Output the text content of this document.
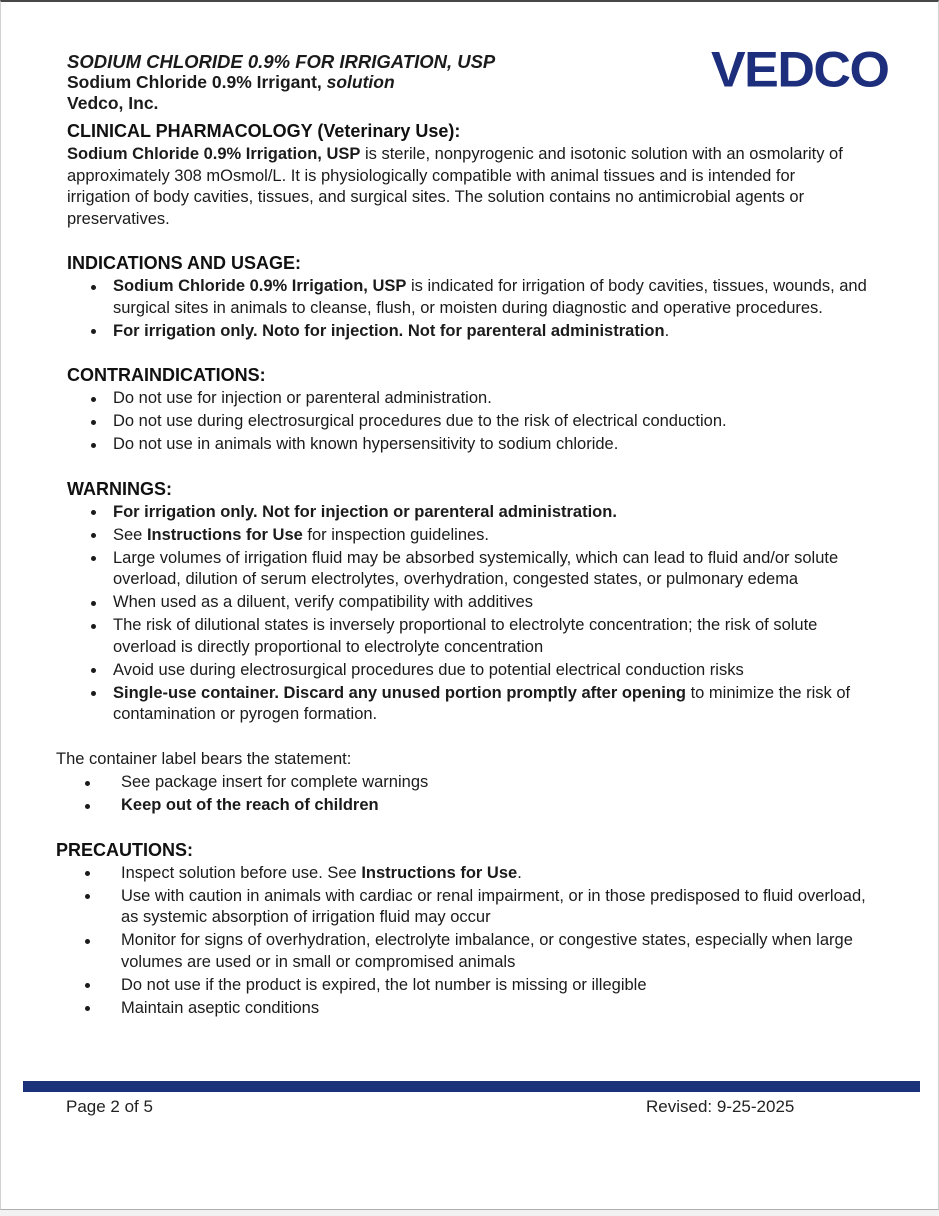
SODIUM CHLORIDE 0.9% FOR IRRIGATION, USP
Sodium Chloride 0.9% Irrigant, solution
Vedco, Inc.
VEDCO
CLINICAL PHARMACOLOGY (Veterinary Use):

Sodium Chloride 0.9% Irrigation, USP is sterile, nonpyrogenic and isotonic solution with an osmolarity of approximately 308 mOsmol/L. It is physiologically compatible with animal tissues and is intended for irrigation of body cavities, tissues, and surgical sites. The solution contains no antimicrobial agents or preservatives.

INDICATIONS AND USAGE:
Sodium Chloride 0.9% Irrigation, USP is indicated for irrigation of body cavities, tissues, wounds, and surgical sites in animals to cleanse, flush, or moisten during diagnostic and operative procedures.
For irrigation only. Noto for injection. Not for parenteral administration.
CONTRAINDICATIONS:
Do not use for injection or parenteral administration.
Do not use during electrosurgical procedures due to the risk of electrical conduction.
Do not use in animals with known hypersensitivity to sodium chloride.
WARNINGS:
For irrigation only. Not for injection or parenteral administration.
See Instructions for Use for inspection guidelines.
Large volumes of irrigation fluid may be absorbed systemically, which can lead to fluid and/or solute overload, dilution of serum electrolytes, overhydration, congested states, or pulmonary edema
When used as a diluent, verify compatibility with additives
The risk of dilutional states is inversely proportional to electrolyte concentration; the risk of solute overload is directly proportional to electrolyte concentration
Avoid use during electrosurgical procedures due to potential electrical conduction risks
Single-use container. Discard any unused portion promptly after opening to minimize the risk of contamination or pyrogen formation.

The container label bears the statement:

See package insert for complete warnings
Keep out of the reach of children
PRECAUTIONS:
Inspect solution before use. See Instructions for Use.
Use with caution in animals with cardiac or renal impairment, or in those predisposed to fluid overload, as systemic absorption of irrigation fluid may occur
Monitor for signs of overhydration, electrolyte imbalance, or congestive states, especially when large volumes are used or in small or compromised animals
Do not use if the product is expired, the lot number is missing or illegible
Maintain aseptic conditions
Page 2 of 5	Revised: 9-25-2025
